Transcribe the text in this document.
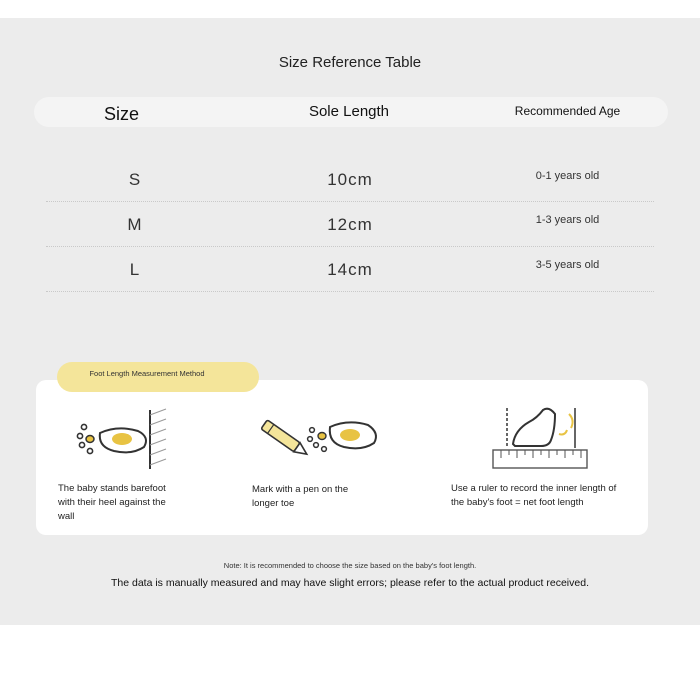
Size Reference Table
Size	Sole Length	Recommended Age
S	10cm	0-1 years old
M	12cm	1-3 years old
L	14cm	3-5 years old
Foot Length Measurement Method
The baby stands barefoot with their heel against the wall
Mark with a pen on the longer toe
Use a ruler to record the inner length of the baby's foot = net foot length
Note: It is recommended to choose the size based on the baby's foot length.
The data is manually measured and may have slight errors; please refer to the actual product received.
